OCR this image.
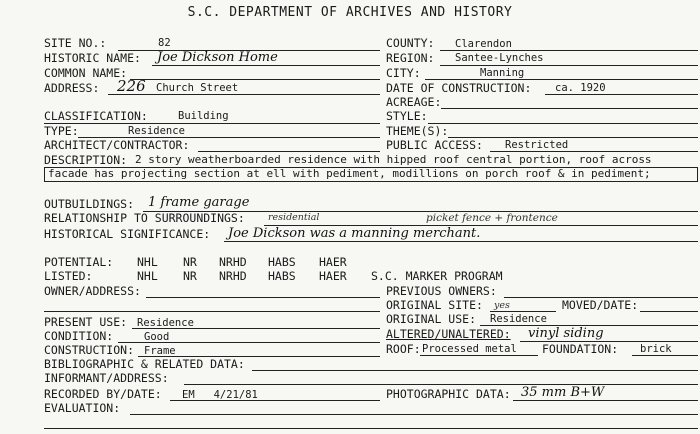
S.C. DEPARTMENT OF ARCHIVES AND HISTORY
SITE NO.:	82	COUNTY: Clarendon
HISTORIC NAME: Joe Dickson Home	REGION: Santee-Lynches
COMMON NAME:	CITY:	Manning
ADDRESS: 226 Church Street	DATE OF CONSTRUCTION: ca. 1920
ACREAGE:
CLASSIFICATION:	Building	STYLE:
TYPE:	Residence	THEME(S):
ARCHITECT/CONTRACTOR:	PUBLIC ACCESS: Restricted
DESCRIPTION: 2 story weatherboarded residence with hipped roof central portion, roof across
facade has projecting section at ell with pediment, modillions on porch roof & in pediment;
OUTBUILDINGS: 1 frame garage
RELATIONSHIP TO SURROUNDINGS: residential	picket fence + frontence
HISTORICAL SIGNIFICANCE: Joe Dickson was a manning merchant.
POTENTIAL: NHL NR NRHD HABS HAER
LISTED:	NHL NR NRHD HABS HAER S.C. MARKER PROGRAM
OWNER/ADDRESS:	PREVIOUS OWNERS:
ORIGINAL SITE: yes	MOVED/DATE:
PRESENT USE: Residence	ORIGINAL USE: Residence
CONDITION:	Good	ALTERED/UNALTERED: vinyl siding
CONSTRUCTION: Frame	ROOF: Processed metal FOUNDATION: brick
BIBLIOGRAPHIC & RELATED DATA:
INFORMANT/ADDRESS:
RECORDED BY/DATE: EM   4/21/81	PHOTOGRAPHIC DATA: 35 mm B+W
EVALUATION:
